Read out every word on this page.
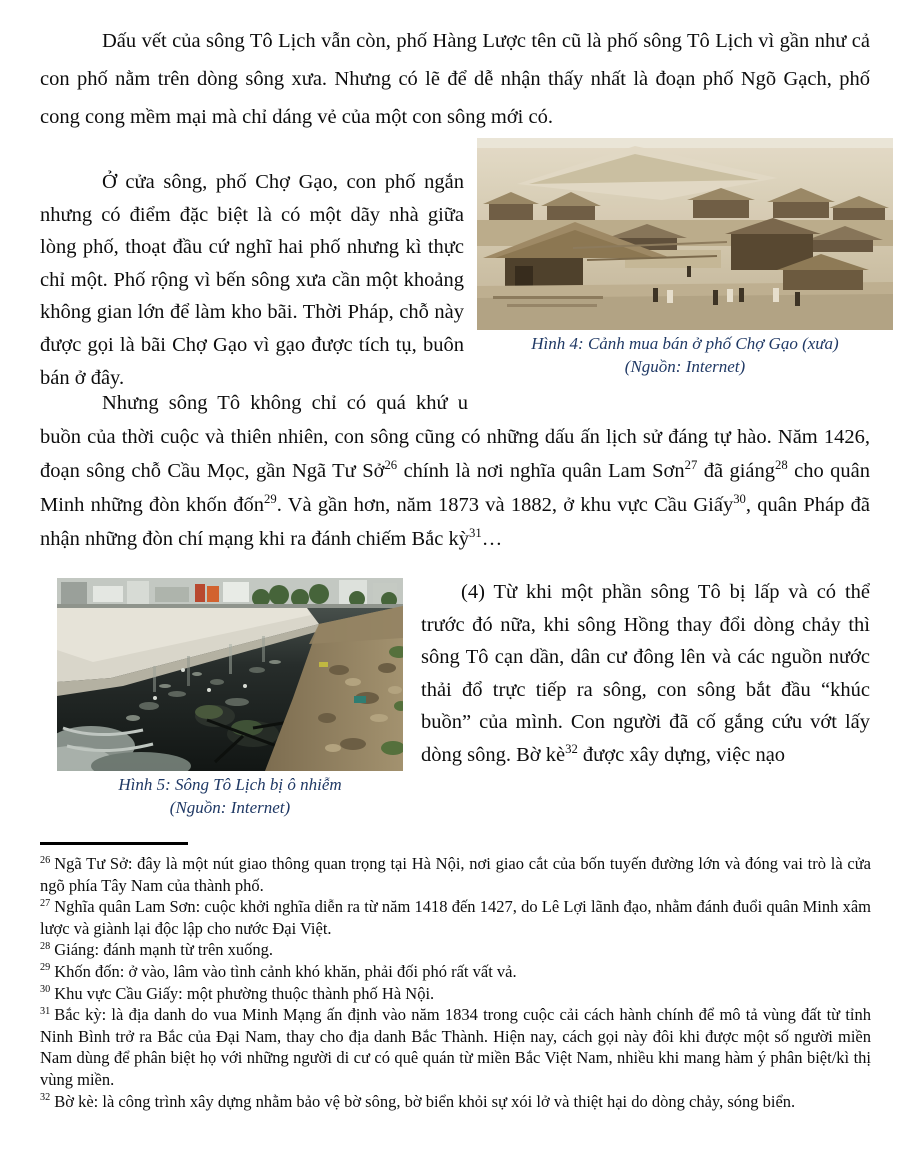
Dấu vết của sông Tô Lịch vẫn còn, phố Hàng Lược tên cũ là phố sông Tô Lịch vì gần như cả con phố nằm trên dòng sông xưa. Nhưng có lẽ để dễ nhận thấy nhất là đoạn phố Ngõ Gạch, phố cong cong mềm mại mà chỉ dáng vẻ của một con sông mới có.

Hình 4: Cảnh mua bán ở phố Chợ Gạo (xưa)
(Nguồn: Internet)

Ở cửa sông, phố Chợ Gạo, con phố ngắn nhưng có điểm đặc biệt là có một dãy nhà giữa lòng phố, thoạt đầu cứ nghĩ hai phố nhưng kì thực chỉ một. Phố rộng vì bến sông xưa cần một khoảng không gian lớn để làm kho bãi. Thời Pháp, chỗ này được gọi là bãi Chợ Gạo vì gạo được tích tụ, buôn bán ở đây.

Nhưng sông Tô không chỉ có quá khứ u buồn của thời cuộc và thiên nhiên, con sông cũng có những dấu ấn lịch sử đáng tự hào. Năm 1426, đoạn sông chỗ Cầu Mọc, gần Ngã Tư Sở$^{26}$ chính là nơi nghĩa quân Lam Sơn$^{27}$ đã giáng$^{28}$ cho quân Minh những đòn khốn đốn$^{29}$. Và gần hơn, năm 1873 và 1882, ở khu vực Cầu Giấy$^{30}$, quân Pháp đã nhận những đòn chí mạng khi ra đánh chiếm Bắc kỳ$^{31}$…

Hình 5: Sông Tô Lịch bị ô nhiễm
(Nguồn: Internet)

(4) Từ khi một phần sông Tô bị lấp và có thể trước đó nữa, khi sông Hồng thay đổi dòng chảy thì sông Tô cạn dần, dân cư đông lên và các nguồn nước thải đổ trực tiếp ra sông, con sông bắt đầu “khúc buồn” của mình. Con người đã cố gắng cứu vớt lấy dòng sông. Bờ $kè^{32}$ được xây dựng, việc nạo

$^{26}$ Ngã Tư Sở: đây là một nút giao thông quan trọng tại Hà Nội, nơi giao cắt của bốn tuyến đường lớn và đóng vai trò là cửa ngõ phía Tây Nam của thành phố.
$^{27}$ Nghĩa quân Lam Sơn: cuộc khởi nghĩa diễn ra từ năm 1418 đến 1427, do Lê Lợi lãnh đạo, nhằm đánh đuổi quân Minh xâm lược và giành lại độc lập cho nước Đại Việt.
$^{28}$ Giáng: đánh mạnh từ trên xuống.
$^{29}$ Khốn đốn: ở vào, lâm vào tình cảnh khó khăn, phải đối phó rất vất vả.
$^{30}$ Khu vực Cầu Giấy: một phường thuộc thành phố Hà Nội.
$^{31}$ Bắc kỳ: là địa danh do vua Minh Mạng ấn định vào năm 1834 trong cuộc cải cách hành chính để mô tả vùng đất từ tỉnh Ninh Bình trở ra Bắc của Đại Nam, thay cho địa danh Bắc Thành. Hiện nay, cách gọi này đôi khi được một số người miền Nam dùng để phân biệt họ với những người di cư có quê quán từ miền Bắc Việt Nam, nhiều khi mang hàm ý phân biệt/kì thị vùng miền.
$^{32}$ Bờ kè: là công trình xây dựng nhằm bảo vệ bờ sông, bờ biển khỏi sự xói lở và thiệt hại do dòng chảy, sóng biển.
